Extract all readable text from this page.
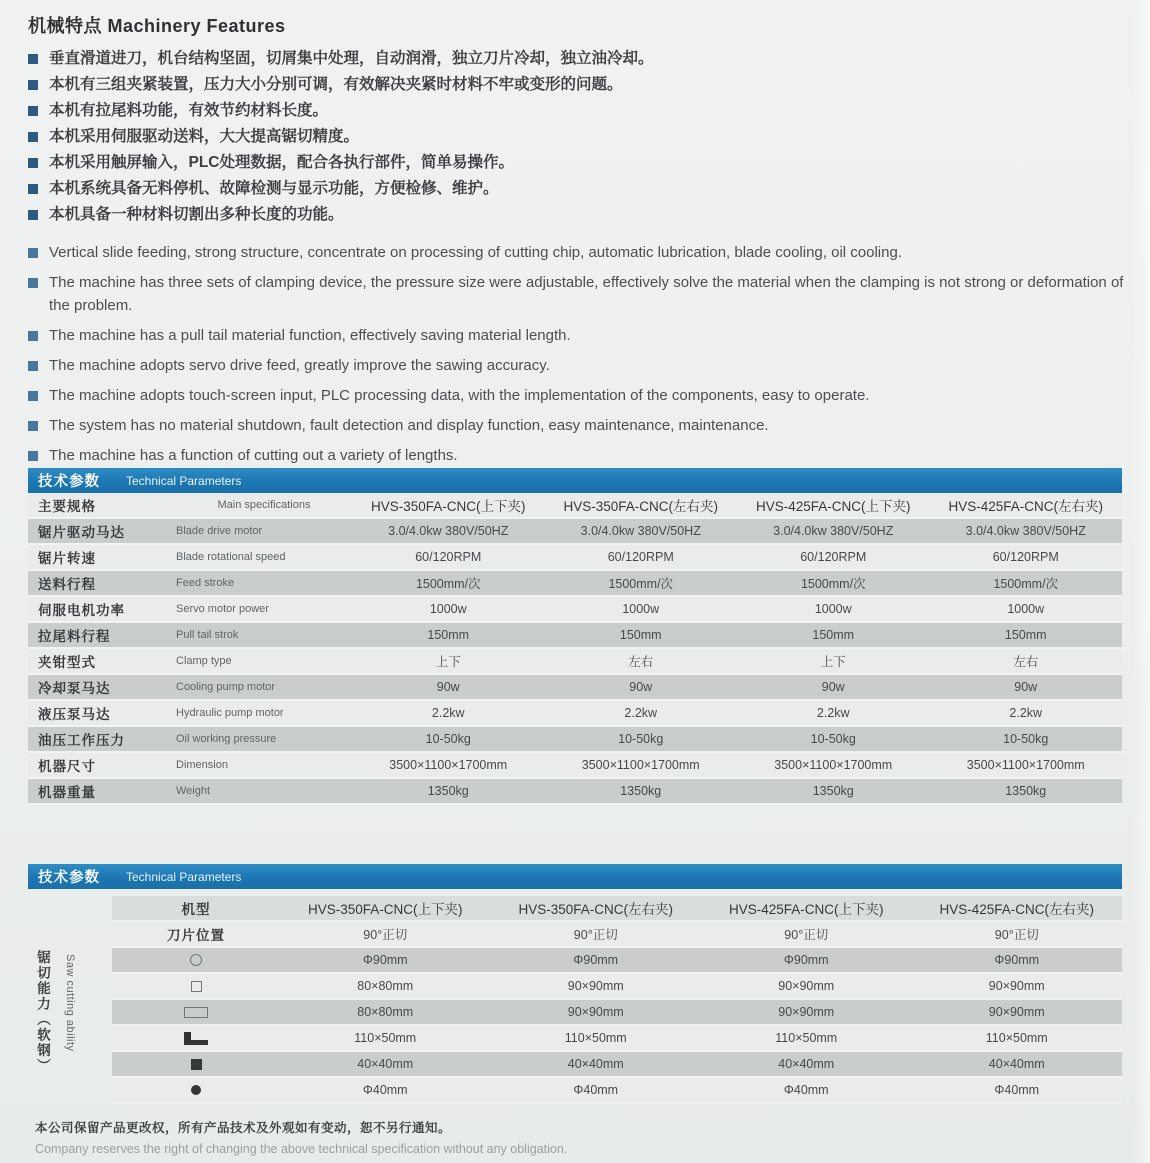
机械特点 Machinery Features
垂直滑道进刀，机台结构坚固，切屑集中处理，自动润滑，独立刀片冷却，独立油冷却。
本机有三组夹紧装置，压力大小分别可调，有效解决夹紧时材料不牢或变形的问题。
本机有拉尾料功能，有效节约材料长度。
本机采用伺服驱动送料，大大提高锯切精度。
本机采用触屏输入，PLC处理数据，配合各执行部件，简单易操作。
本机系统具备无料停机、故障检测与显示功能，方便检修、维护。
本机具备一种材料切割出多种长度的功能。
Vertical slide feeding, strong structure, concentrate on processing of cutting chip, automatic lubrication, blade cooling, oil cooling.
The machine has three sets of clamping device, the pressure size were adjustable, effectively solve the material when the clamping is not strong or deformation of the problem.
The machine has a pull tail material function, effectively saving material length.
The machine adopts servo drive feed, greatly improve the sawing accuracy.
The machine adopts touch-screen input, PLC processing data, with the implementation of the components, easy to operate.
The system has no material shutdown, fault detection and display function, easy maintenance, maintenance.
The machine has a function of cutting out a variety of lengths.
技术参数 Technical Parameters
主要规格	Main specifications	HVS-350FA-CNC(上下夹)	HVS-350FA-CNC(左右夹)	HVS-425FA-CNC(上下夹)	HVS-425FA-CNC(左右夹)
锯片驱动马达	Blade drive motor	3.0/4.0kw 380V/50HZ	3.0/4.0kw 380V/50HZ	3.0/4.0kw 380V/50HZ	3.0/4.0kw 380V/50HZ
锯片转速	Blade rotational speed	60/120RPM	60/120RPM	60/120RPM	60/120RPM
送料行程	Feed stroke	1500mm/次	1500mm/次	1500mm/次	1500mm/次
伺服电机功率	Servo motor power	1000w	1000w	1000w	1000w
拉尾料行程	Pull tail strok	150mm	150mm	150mm	150mm
夹钳型式	Clamp type	上下	左右	上下	左右
冷却泵马达	Cooling pump motor	90w	90w	90w	90w
液压泵马达	Hydraulic pump motor	2.2kw	2.2kw	2.2kw	2.2kw
油压工作压力	Oil working pressure	10-50kg	10-50kg	10-50kg	10-50kg
机器尺寸	Dimension	3500×1100×1700mm	3500×1100×1700mm	3500×1100×1700mm	3500×1100×1700mm
机器重量	Weight	1350kg	1350kg	1350kg	1350kg
技术参数 Technical Parameters
锯切能力（软钢） Saw cutting ability
机型	HVS-350FA-CNC(上下夹)	HVS-350FA-CNC(左右夹)	HVS-425FA-CNC(上下夹)	HVS-425FA-CNC(左右夹)
刀片位置	90°正切	90°正切	90°正切	90°正切
Φ90mm	Φ90mm	Φ90mm	Φ90mm
80×80mm	90×90mm	90×90mm	90×90mm
80×80mm	90×90mm	90×90mm	90×90mm
110×50mm	110×50mm	110×50mm	110×50mm
40×40mm	40×40mm	40×40mm	40×40mm
Φ40mm	Φ40mm	Φ40mm	Φ40mm
本公司保留产品更改权，所有产品技术及外观如有变动，恕不另行通知。
Company reserves the right of changing the above technical specification without any obligation.
